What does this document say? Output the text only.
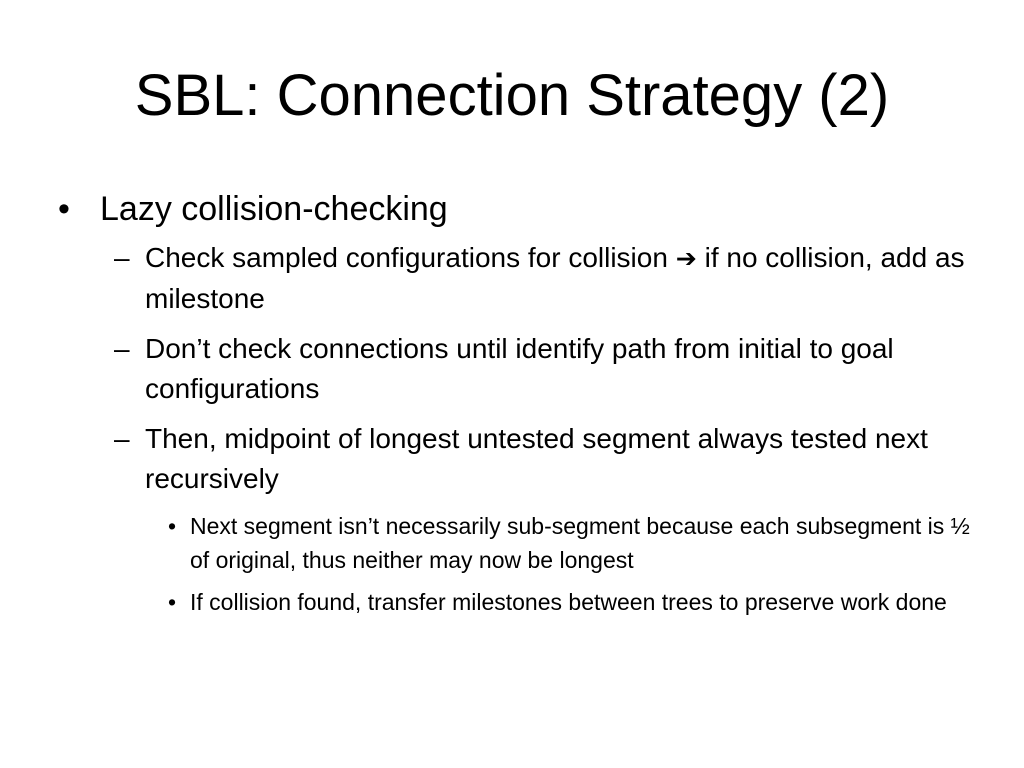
SBL: Connection Strategy (2)
• Lazy collision-checking
– Check sampled configurations for collision ➔ if no collision, add as milestone
– Don’t check connections until identify path from initial to goal configurations
– Then, midpoint of longest untested segment always tested next recursively
• Next segment isn’t necessarily sub-segment because each subsegment is ½ of original, thus neither may now be longest
• If collision found, transfer milestones between trees to preserve work done
